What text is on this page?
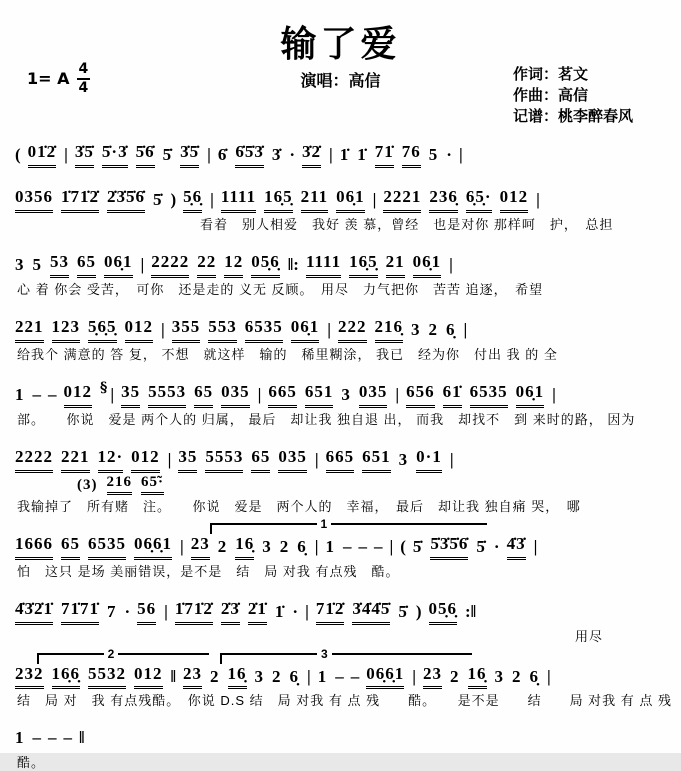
输了爱
1= A $\frac{4}{4}$	演唱：高信	作词：茗文
作曲：高信
记谱：桃李醉春风
( 01̇2̇ | 3̇5̇ 5̇·3̇ 5̇6̇ 5̇ 3̇5̇ | 6̇ 6̇5̇3̇ 3̇ · 3̇2̇ | 1̇ 1̇ 71̇ 76 5 · |
0356 1̇71̇2̇ 2̇3̇5̇6̇ 5̇ ) 5̣6̣ | 1111 16̣5̣ 211 06̣1 | 2221 236̣ 6̣5̣· 012 |
看着　别人相爱　我好 羡 慕，曾经　也是对你 那样呵　护，　总担
3 5 53 65 06̣1 | 2222 22 12 05̣6̣ ‖: 1111 16̣5̣ 21 06̣1 |
心 着 你会 受苦，　可你　还是走的 义无 反顾。　用尽　力气把你　苦苦 追逐，　希望
221 123 5̣6̣5̣ 012 | 355 553 6535 06̣1 | 222 216̣ 3 2 6̣ |
给我个 满意的 答 复， 不想　就这样　输的　稀里糊涂， 我已　经为你　付出 我 的 全
1 – – 012 § | 35 5553 65 035 | 665 651 3 035 | 656 61̇ 6535 06̣1 |
部。　　你说　爱是 两个人的 归属， 最后　却让我 独自退 出， 而我　却找不　到 来时的路， 因为
2222 221 12· 012 | 35 5553 65 035 | 665 651 3 0·1 |
(3) 216 65̃·
我输掉了　所有赌　注。　　你说　爱是　两个人的　幸福，　最后　却让我 独自痛 哭，　哪
1
1666 65 6535 06̣6̣1 | 23 2 16̣ 3 2 6̣ | 1 – – – | ( 5̇ 5̇3̇5̇6̇ 5̇ · 4̇3̇ |
怕　这只 是场 美丽错误，是不是　结　局 对我 有点残　酷。
4̇3̇2̇1̇ 71̇71̇ 7 · 56 | 1̇71̇2̇ 2̇3̇ 2̇1̇ 1̇ · | 71̇2̇ 3̇4̇4̇5̇ 5̇ ) 05̣6̣ :‖
用尽
2	3
232 16̣6̣ 5532 012 ‖ 23 2 16̣ 3 2 6̣ | 1 – – 06̣6̣1 | 23 2 16̣ 3 2 6̣ |
结　局 对　我 有点残酷。　你说 D.S 结　局 对我 有 点 残　　酷。　　是不是　　结　　局 对我 有 点 残
1 – – – ‖
酷。
